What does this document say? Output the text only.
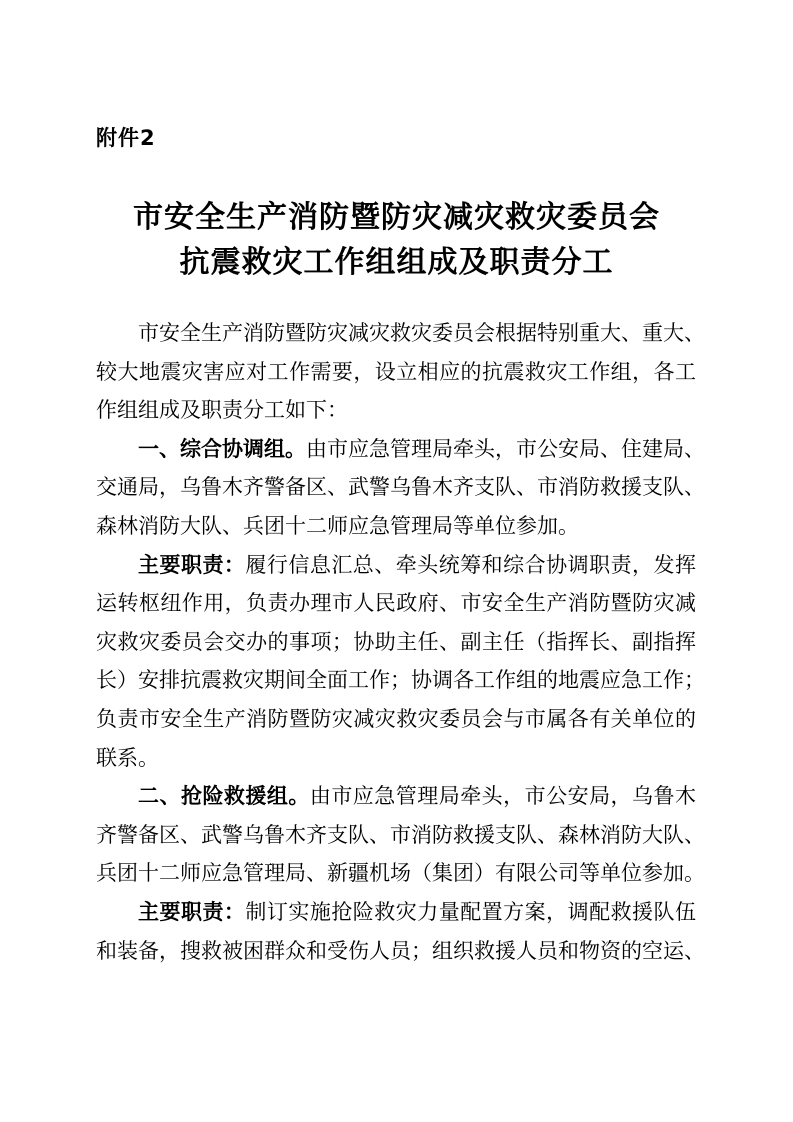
附件2
市安全生产消防暨防灾减灾救灾委员会
抗震救灾工作组组成及职责分工
市安全生产消防暨防灾减灾救灾委员会根据特别重大、重大、
较大地震灾害应对工作需要，设立相应的抗震救灾工作组，各工
作组组成及职责分工如下：
一、综合协调组。由市应急管理局牵头，市公安局、住建局、
交通局，乌鲁木齐警备区、武警乌鲁木齐支队、市消防救援支队、
森林消防大队、兵团十二师应急管理局等单位参加。
主要职责：履行信息汇总、牵头统筹和综合协调职责，发挥
运转枢纽作用，负责办理市人民政府、市安全生产消防暨防灾减
灾救灾委员会交办的事项；协助主任、副主任（指挥长、副指挥
长）安排抗震救灾期间全面工作；协调各工作组的地震应急工作；
负责市安全生产消防暨防灾减灾救灾委员会与市属各有关单位的
联系。
二、抢险救援组。由市应急管理局牵头，市公安局，乌鲁木
齐警备区、武警乌鲁木齐支队、市消防救援支队、森林消防大队、
兵团十二师应急管理局、新疆机场（集团）有限公司等单位参加。
主要职责：制订实施抢险救灾力量配置方案，调配救援队伍
和装备，搜救被困群众和受伤人员；组织救援人员和物资的空运、
